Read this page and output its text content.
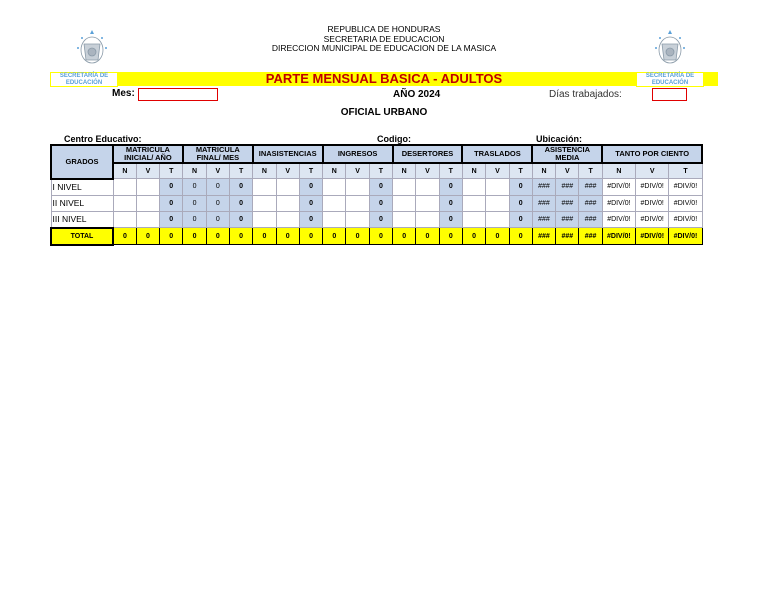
REPUBLICA DE HONDURAS
SECRETARIA DE EDUCACION
DIRECCION MUNICIPAL DE EDUCACION DE LA MASICA
SECRETARÍA DE
EDUCACIÓN
SECRETARÍA DE
EDUCACIÓN
PARTE MENSUAL BASICA - ADULTOS
Mes:	AÑO 2024	Días trabajados:
OFICIAL URBANO
Centro Educativo:	Codigo:	Ubicación:
GRADOS	MATRICULA INICIAL/ AÑO			MATRICULA FINAL/ MES			INASISTENCIAS			INGRESOS			DESERTORES			TRASLADOS			ASISTENCIA MEDIA			TANTO POR CIENTO		
	N	V	T	N	V	T	N	V	T	N	V	T	N	V	T	N	V	T	N	V	T	N	V	T
I NIVEL			0	0	0	0			0			0			0			0	###	###	###	#DIV/0!	#DIV/0!	#DIV/0!
II NIVEL			0	0	0	0			0			0			0			0	###	###	###	#DIV/0!	#DIV/0!	#DIV/0!
III NIVEL			0	0	0	0			0			0			0			0	###	###	###	#DIV/0!	#DIV/0!	#DIV/0!
TOTAL	0	0	0	0	0	0	0	0	0	0	0	0	0	0	0	0	0	0	###	###	###	#DIV/0!	#DIV/0!	#DIV/0!
